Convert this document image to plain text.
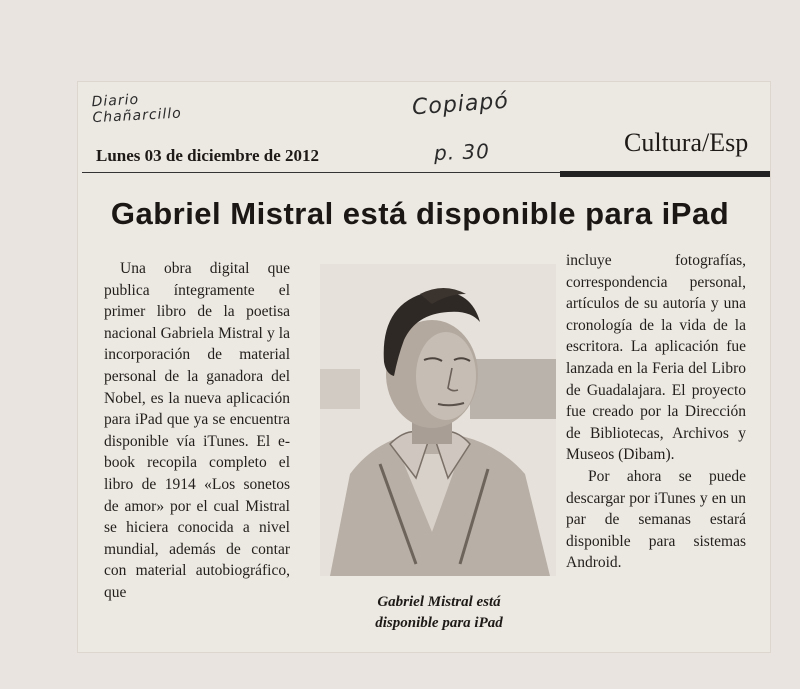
Diario
Chañarcillo	Copiapó
p. 30
Lunes 03 de diciembre de 2012	Cultura/Esp
Gabriel Mistral está disponible para iPad
Una obra digital que publica íntegramente el primer libro de la poetisa nacional Gabriela Mistral y la incorporación de material personal de la ganadora del Nobel, es la nueva aplicación para iPad que ya se encuentra disponible vía iTunes. El e-book recopila completo el libro de 1914 «Los sonetos de amor» por el cual Mistral se hiciera conocida a nivel mundial, además de contar con material autobiográfico, que
Gabriel Mistral está
disponible para iPad

incluye fotografías, correspondencia personal, artículos de su autoría y una cronología de la vida de la escritora. La aplicación fue lanzada en la Feria del Libro de Guadalajara. El proyecto fue creado por la Dirección de Bibliotecas, Archivos y Museos (Dibam).

Por ahora se puede descargar por iTunes y en un par de semanas estará disponible para sistemas Android.
